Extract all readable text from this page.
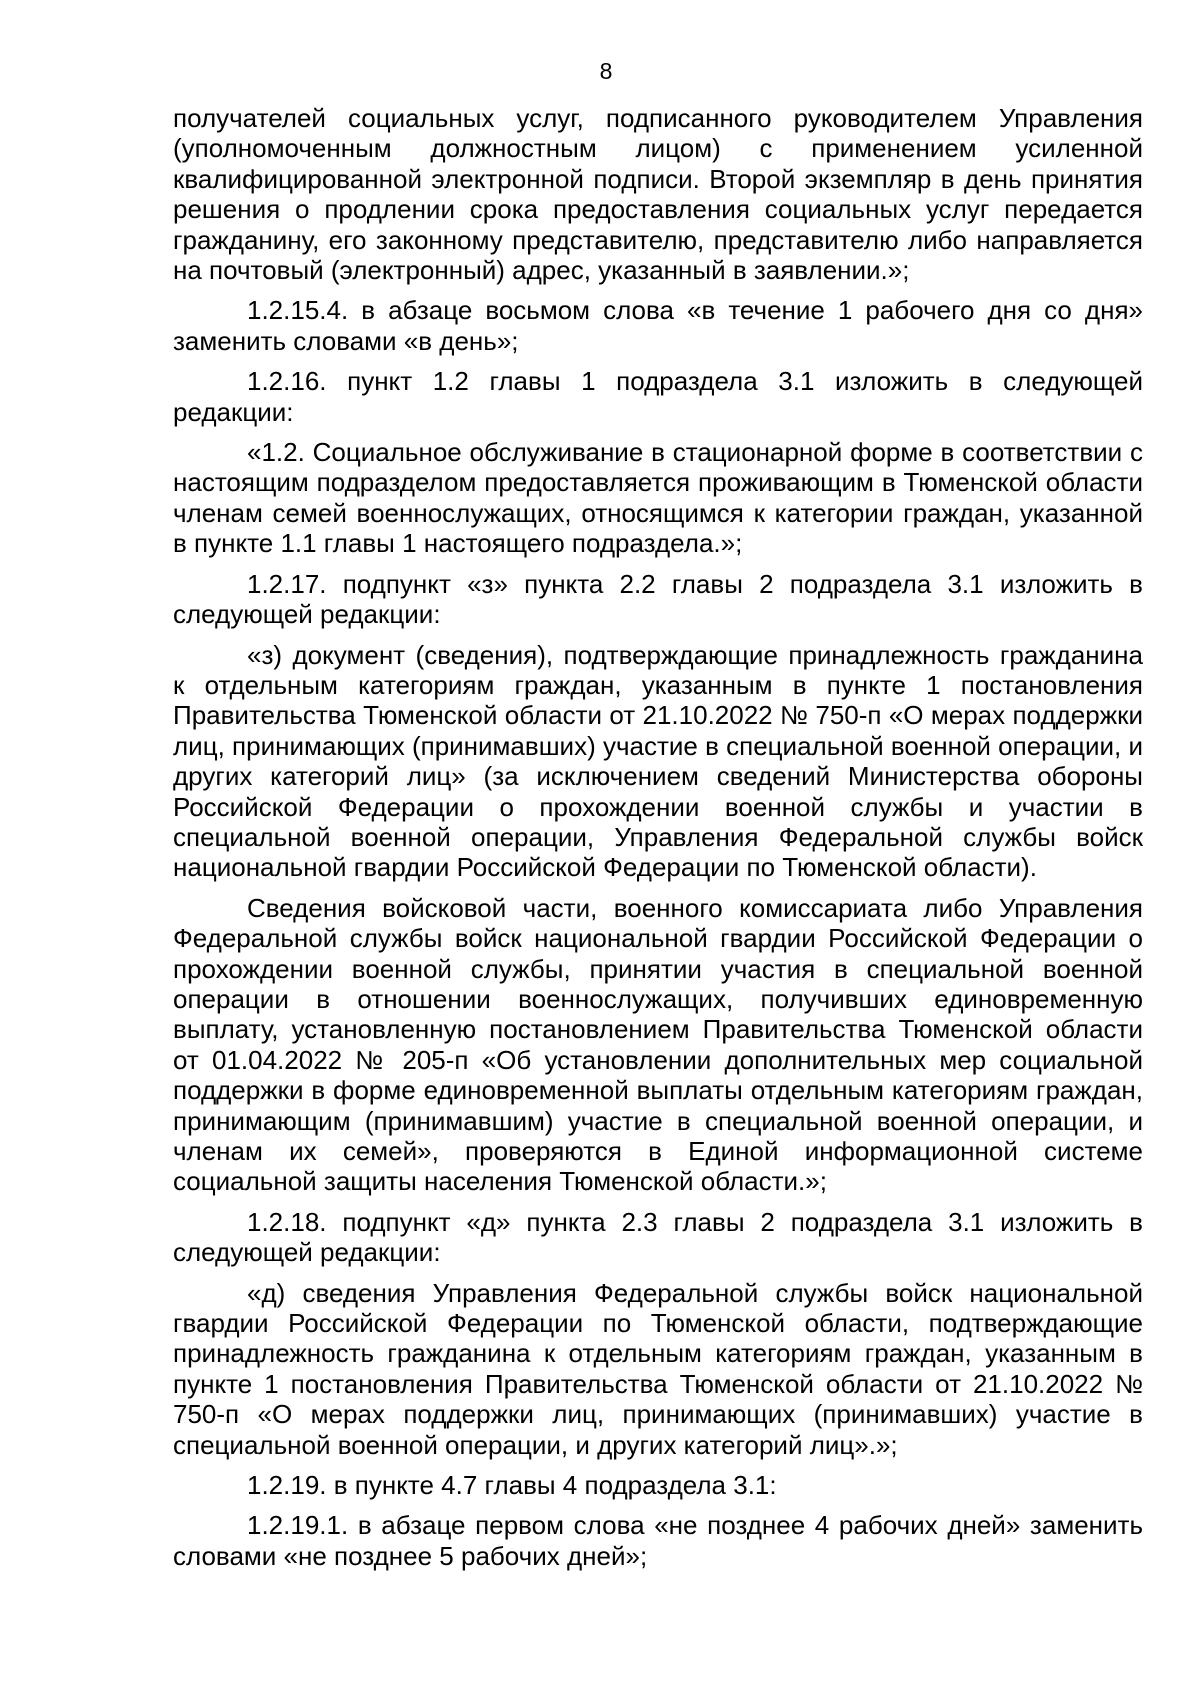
8

получателей социальных услуг, подписанного руководителем Управления (уполномоченным должностным лицом) с применением усиленной квалифицированной электронной подписи. Второй экземпляр в день принятия решения о продлении срока предоставления социальных услуг передается гражданину, его законному представителю, представителю либо направляется на почтовый (электронный) адрес, указанный в заявлении.»;

1.2.15.4. в абзаце восьмом слова «в течение 1 рабочего дня со дня» заменить словами «в день»;

1.2.16. пункт 1.2 главы 1 подраздела 3.1 изложить в следующей редакции:

«1.2. Социальное обслуживание в стационарной форме в соответствии с настоящим подразделом предоставляется проживающим в Тюменской области членам семей военнослужащих, относящимся к категории граждан, указанной в пункте 1.1 главы 1 настоящего подраздела.»;

1.2.17. подпункт «з» пункта 2.2 главы 2 подраздела 3.1 изложить в следующей редакции:

«з) документ (сведения), подтверждающие принадлежность гражданина к отдельным категориям граждан, указанным в пункте 1 постановления Правительства Тюменской области от 21.10.2022 № 750-п «О мерах поддержки лиц, принимающих (принимавших) участие в специальной военной операции, и других категорий лиц» (за исключением сведений Министерства обороны Российской Федерации о прохождении военной службы и участии в специальной военной операции, Управления Федеральной службы войск национальной гвардии Российской Федерации по Тюменской области).

Сведения войсковой части, военного комиссариата либо Управления Федеральной службы войск национальной гвардии Российской Федерации о прохождении военной службы, принятии участия в специальной военной операции в отношении военнослужащих, получивших единовременную выплату, установленную постановлением Правительства Тюменской области от 01.04.2022 № 205-п «Об установлении дополнительных мер социальной поддержки в форме единовременной выплаты отдельным категориям граждан, принимающим (принимавшим) участие в специальной военной операции, и членам их семей», проверяются в Единой информационной системе социальной защиты населения Тюменской области.»;

1.2.18. подпункт «д» пункта 2.3 главы 2 подраздела 3.1 изложить в следующей редакции:

«д) сведения Управления Федеральной службы войск национальной гвардии Российской Федерации по Тюменской области, подтверждающие принадлежность гражданина к отдельным категориям граждан, указанным в пункте 1 постановления Правительства Тюменской области от 21.10.2022 № 750-п «О мерах поддержки лиц, принимающих (принимавших) участие в специальной военной операции, и других категорий лиц».»;

1.2.19. в пункте 4.7 главы 4 подраздела 3.1:

1.2.19.1. в абзаце первом слова «не позднее 4 рабочих дней» заменить словами «не позднее 5 рабочих дней»;
